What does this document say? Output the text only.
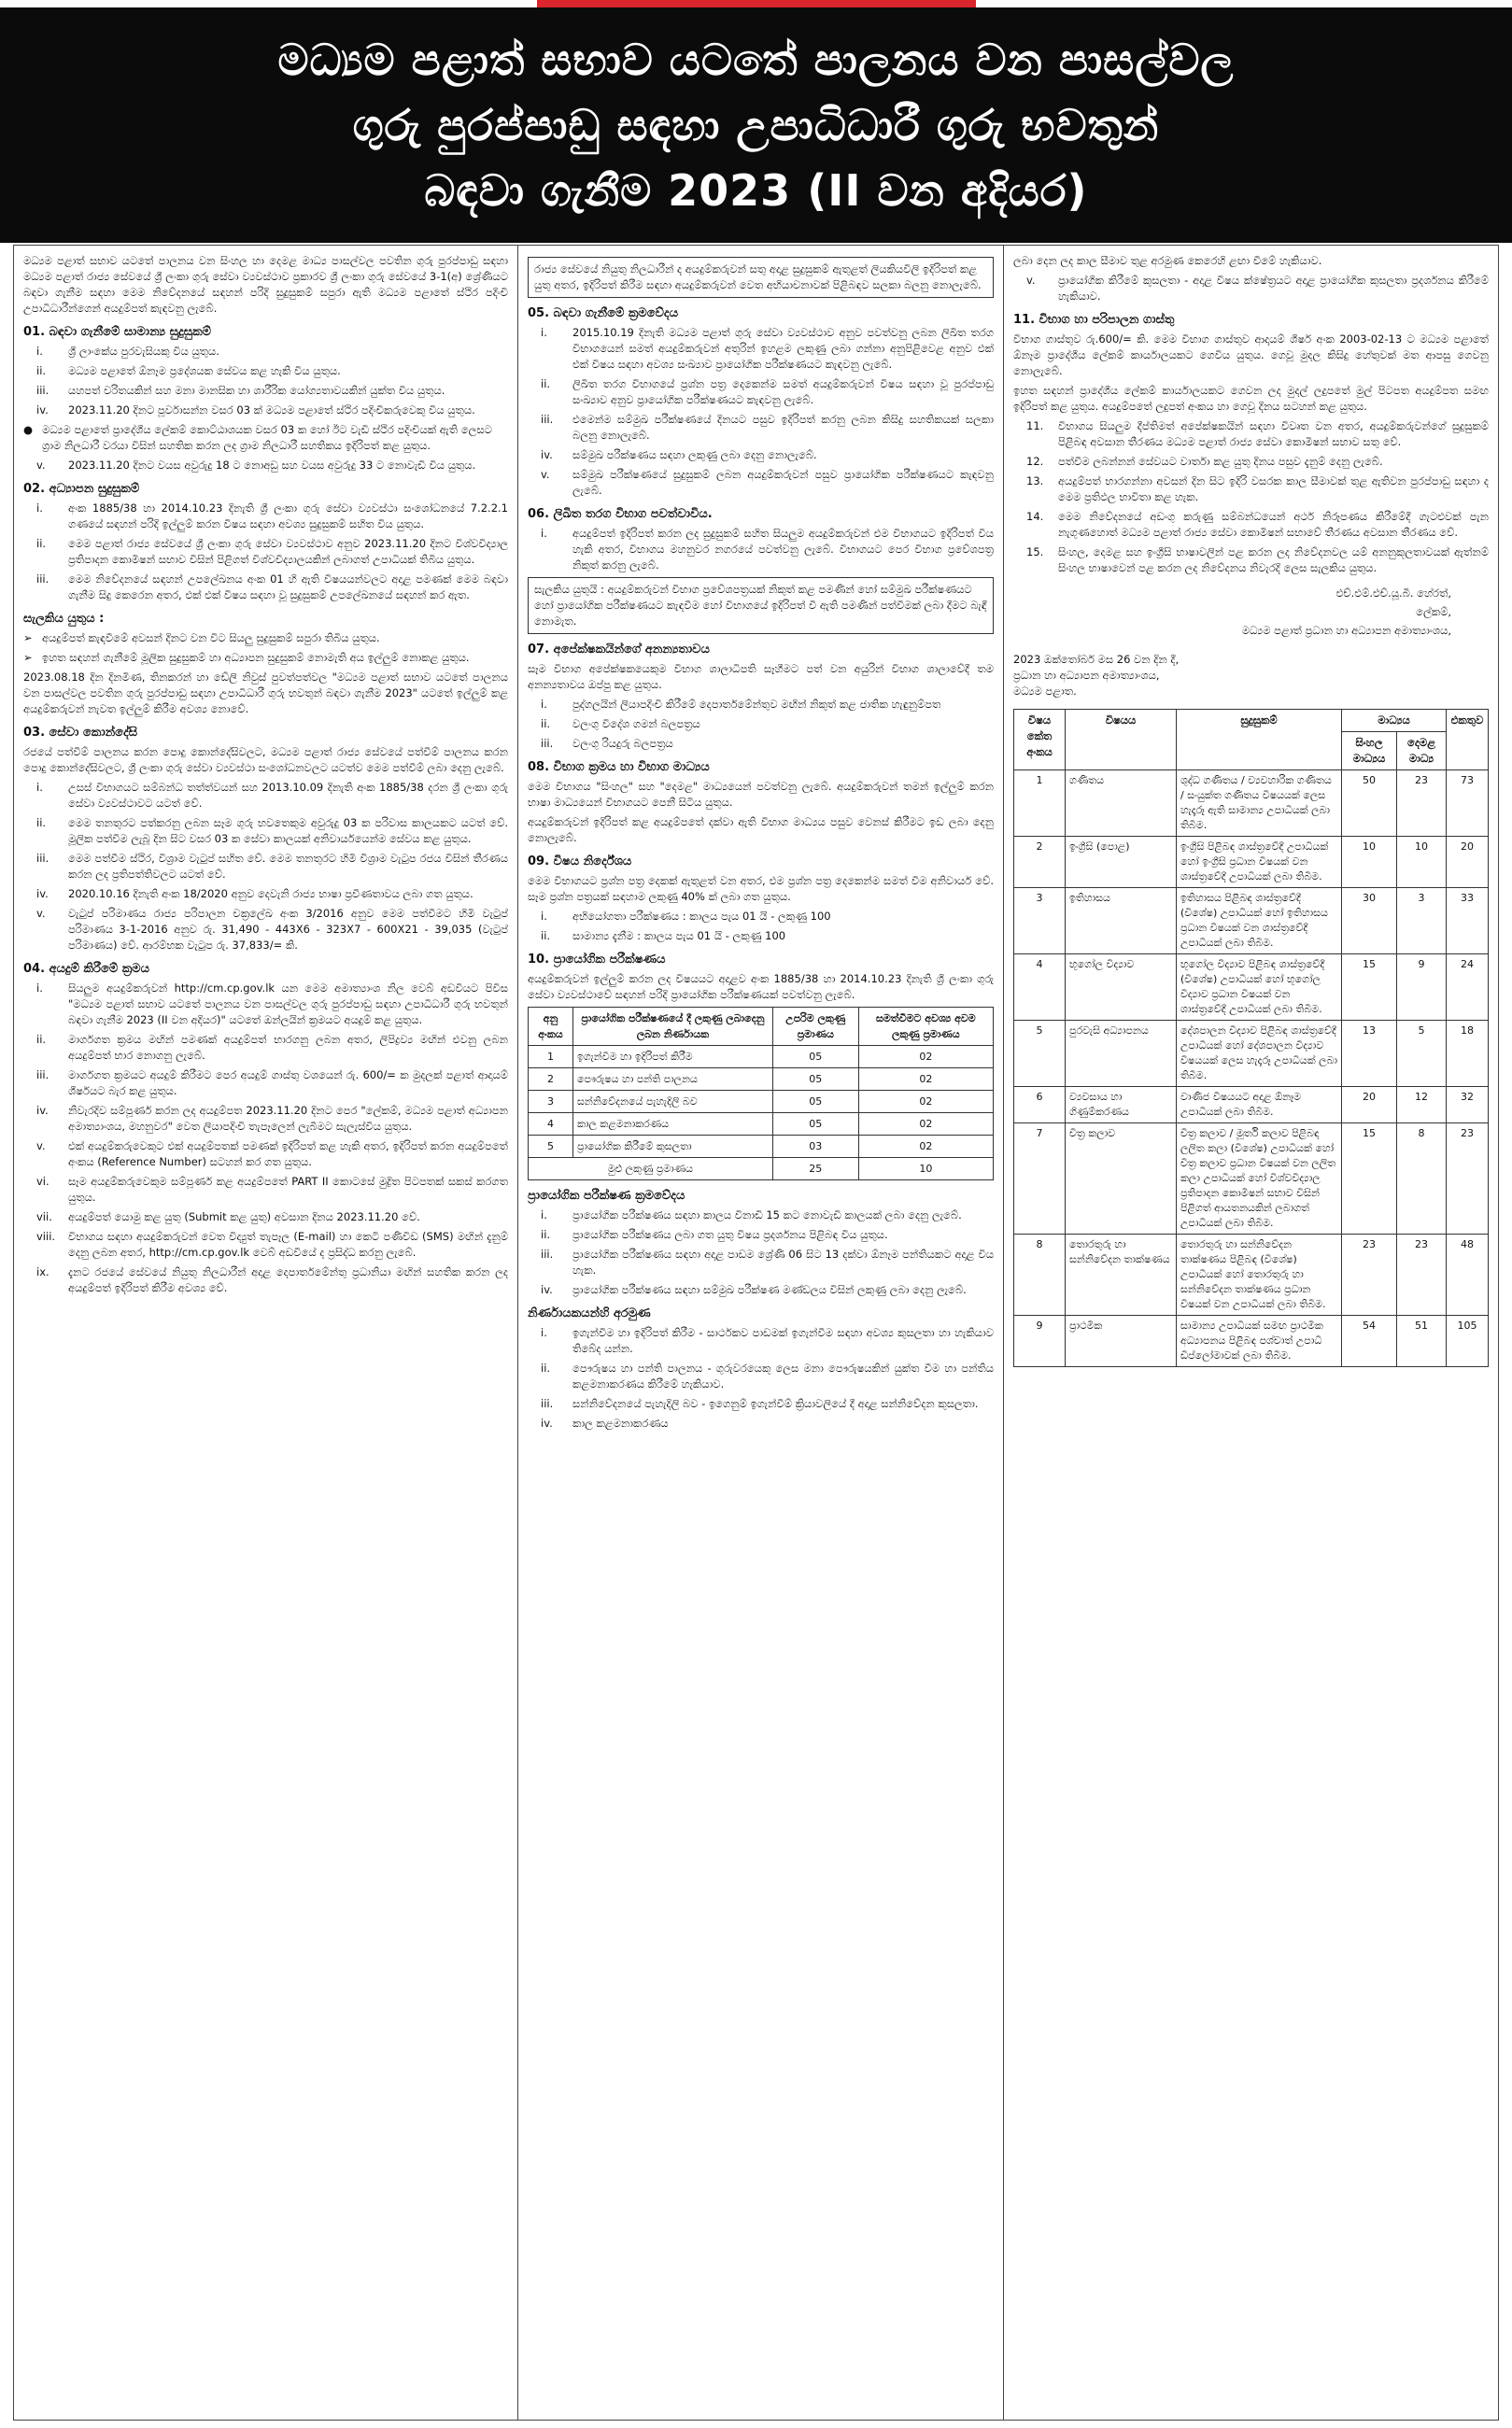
මධ්‍යම පළාත් සභාව යටතේ පාලනය වන පාසල්වල
ගුරු පුරප්පාඩු සඳහා උපාධිධාරී ගුරු භවතුන්
බඳවා ගැනීම 2023 (II වන අදියර)

මධ්‍යම පළාත් සභාව යටතේ පාලනය වන සිංහල හා දෙමළ මාධ්‍ය පාසල්වල පවතින ගුරු පුරප්පාඩු සඳහා මධ්‍යම පළාත් රාජ්‍ය සේවයේ ශ්‍රී ලංකා ගුරු සේවා ව්‍යවස්ථාව ප්‍රකාරව ශ්‍රී ලංකා ගුරු සේවයේ 3-1(අ) ශ්‍රේණියට බඳවා ගැනීම සඳහා මෙම නිවේදනයේ සඳහන් පරිදි සුදුසුකම් සපුරා ඇති මධ්‍යම පළාතේ ස්ථිර පදිංචි උපාධිධාරීන්ගෙන් අයදුම්පත් කැඳවනු ලැබේ.

01. බඳවා ගැනීමේ සාමාන්‍ය සුදුසුකම්
i.	ශ්‍රී ලාංකේය පුරවැසියකු විය යුතුය.
ii.	මධ්‍යම පළාතේ ඕනෑම ප්‍රදේශයක සේවය කළ හැකි විය යුතුය.
iii.	යහපත් චරිතයකින් සහ මනා මානසික හා ශාරීරික යෝග්‍යතාවයකින් යුක්ත විය යුතුය.
iv.	2023.11.20 දිනට පූර්වාසන්න වසර 03 ක් මධ්‍යම පළාතේ ස්ථිර පදිංචිකරුවෙකු විය යුතුය.
● මධ්‍යම පළාතේ ප්‍රාදේශීය ලේකම් කොට්ඨාශයක වසර 03 ක හෝ ඊට වැඩි ස්ථිර පදිංචියක් ඇති ලෙසට ග්‍රාම නිලධාරී වරයා විසින් සහතික කරන ලද ග්‍රාම නිලධාරී සහතිකය ඉදිරිපත් කළ යුතුය.
v.	2023.11.20 දිනට වයස අවුරුදු 18 ට නොඅඩු සහ වයස අවුරුදු 33 ට නොවැඩි විය යුතුය.
02. අධ්‍යාපන සුදුසුකම්
i.	අංක 1885/38 හා 2014.10.23 දිනැති ශ්‍රී ලංකා ගුරු සේවා ව්‍යවස්ථා සංශෝධනයේ 7.2.2.1 ගණයේ සඳහන් පරිදි ඉල්ලුම් කරන විෂය සඳහා අවශ්‍ය සුදුසුකම් සහිත විය යුතුය.
ii.	මෙම පළාත් රාජ්‍ය සේවයේ ශ්‍රී ලංකා ගුරු සේවා ව්‍යවස්ථාව අනුව 2023.11.20 දිනට විශ්වවිද්‍යාල ප්‍රතිපාදන කොමිෂන් සභාව විසින් පිළිගත් විශ්වවිද්‍යාලයකින් ලබාගත් උපාධියක් තිබිය යුතුය.
iii.	මෙම නිවේදනයේ සඳහන් උපලේඛනය අංක 01 හි ඇති විෂයයන්වලට අදාළ පමණක් මෙම බඳවා ගැනීම සිදු කෙරෙන අතර, එක් එක් විෂය සඳහා වූ සුදුසුකම් උපලේඛනයේ සඳහන් කර ඇත.
සැලකිය යුතුය :
➢ අයදුම්පත් කැඳවීමේ අවසන් දිනට වන විට සියලු සුදුසුකම් සපුරා තිබිය යුතුය.
➢ ඉහත සඳහන් ගැනීමේ මූලික සුදුසුකම් හා අධ්‍යාපන සුදුසුකම් නොමැති අය ඉල්ලුම් නොකළ යුතුය.

2023.08.18 දින දිනමිණ, තිනකරන් හා ඩේලි නිවුස් පුවත්පත්වල "මධ්‍යම පළාත් සභාව යටතේ පාලනය වන පාසල්වල පවතින ගුරු පුරප්පාඩු සඳහා උපාධිධාරී ගුරු භවතුන් බඳවා ගැනීම 2023" යටතේ ඉල්ලුම් කළ අයදුම්කරුවන් නැවත ඉල්ලුම් කිරීම අවශ්‍ය නොවේ.

03. සේවා කොන්දේසි

රජයේ පත්වීම් පාලනය කරන පොදු කොන්දේසිවලට, මධ්‍යම පළාත් රාජ්‍ය සේවයේ පත්වීම් පාලනය කරන පොදු කොන්දේසිවලට, ශ්‍රී ලංකා ගුරු සේවා ව්‍යවස්ථා සංශෝධනවලට යටත්ව මෙම පත්වීම් ලබා දෙනු ලැබේ.

i.	උසස් විභාගයට සම්බන්ධ තත්ත්වයන් සහ 2013.10.09 දිනැති අංක 1885/38 දරන ශ්‍රී ලංකා ගුරු සේවා ව්‍යවස්ථාවට යටත් වේ.
ii.	මෙම තනතුරට පත්කරනු ලබන සෑම ගුරු භවතෙකුම අවුරුදු 03 ක පරිවාස කාලයකට යටත් වේ. මූලික පත්වීම ලැබූ දින සිට වසර 03 ක සේවා කාලයක් අනිවාර්යයෙන්ම සේවය කළ යුතුය.
iii.	මෙම පත්වීම ස්ථිර, විශ්‍රාම වැටුප් සහිත වේ. මෙම තනතුරට හිමි විශ්‍රාම වැටුප රජය විසින් තීරණය කරන ලද ප්‍රතිපත්තිවලට යටත් වේ.
iv.	2020.10.16 දිනැති අංක 18/2020 අනුව දෙවැනි රාජ්‍ය භාෂා ප්‍රවීණතාවය ලබා ගත යුතුය.
v.	වැටුප් පරිමාණය රාජ්‍ය පරිපාලන චක්‍රලේඛ අංක 3/2016 අනුව මෙම පත්වීමට හිමි වැටුප් පරිමාණය 3-1-2016 අනුව රු. 31,490 - 443X6 - 323X7 - 600X21 - 39,035 (වැටුප් පරිමාණය) වේ. ආරම්භක වැටුප රු. 37,833/= කි.
04. අයදුම් කිරීමේ ක්‍රමය
i.	සියලුම අයදුම්කරුවන් http://cm.cp.gov.lk යන මෙම අමාත්‍යාංශ නිල වෙබ් අඩවියට පිවිස "මධ්‍යම පළාත් සභාව යටතේ පාලනය වන පාසල්වල ගුරු පුරප්පාඩු සඳහා උපාධිධාරී ගුරු භවතුන් බඳවා ගැනීම 2023 (II වන අදියර)" යටතේ ඔන්ලයින් ක්‍රමයට අයදුම් කළ යුතුය.
ii.	මාර්ගගත ක්‍රමය මඟින් පමණක් අයදුම්පත් භාරගනු ලබන අතර, ලිපිද්‍රව්‍ය මඟින් එවනු ලබන අයදුම්පත් භාර නොගනු ලැබේ.
iii.	මාර්ගගත ක්‍රමයට අයදුම් කිරීමට පෙර අයදුම් ගාස්තු වශයෙන් රු. 600/= ක මුදලක් පළාත් ආදායම් ශීර්ෂයට බැර කළ යුතුය.
iv.	නිවැරදිව සම්පූර්ණ කරන ලද අයදුම්පත 2023.11.20 දිනට පෙර "ලේකම්, මධ්‍යම පළාත් අධ්‍යාපන අමාත්‍යාංශය, මහනුවර" වෙත ලියාපදිංචි තැපෑලෙන් ලැබීමට සැලැස්විය යුතුය.
v.	එක් අයදුම්කරුවෙකුට එක් අයදුම්පතක් පමණක් ඉදිරිපත් කළ හැකි අතර, ඉදිරිපත් කරන අයදුම්පතේ අංකය (Reference Number) සටහන් කර ගත යුතුය.
vi.	සෑම අයදුම්කරුවෙකුම සම්පූර්ණ කළ අයදුම්පතේ PART II කොටසේ මුද්‍රිත පිටපතක් සකස් කරගත යුතුය.
vii.	අයදුම්පත් යොමු කළ යුතු (Submit කළ යුතු) අවසාන දිනය 2023.11.20 වේ.
viii.	විභාගය සඳහා අයදුම්කරුවන් වෙත විද්‍යුත් තැපෑල (E-mail) හා කෙටි පණිවිඩ (SMS) මඟින් දැනුම් දෙනු ලබන අතර, http://cm.cp.gov.lk වෙබ් අඩවියේ ද ප්‍රසිද්ධ කරනු ලැබේ.
ix.	දැනට රජයේ සේවයේ නියුතු නිලධාරීන් අදාළ දෙපාර්තමේන්තු ප්‍රධානියා මඟින් සහතික කරන ලද අයදුම්පත් ඉදිරිපත් කිරීම අවශ්‍ය වේ.
රාජ්‍ය සේවයේ නියුතු නිලධාරීන් ද අයදුම්කරුවන් සතු අදාළ සුදුසුකම් ඇතුළත් ලියකියවිලි ඉදිරිපත් කළ යුතු අතර, ඉදිරිපත් කිරීම සඳහා අයදුම්කරුවන් වෙත අභියාචනාවක් පිළිබඳව සලකා බලනු නොලැබේ.
05. බඳවා ගැනීමේ ක්‍රමවේදය
i.	2015.10.19 දිනැති මධ්‍යම පළාත් ගුරු සේවා ව්‍යවස්ථාව අනුව පවත්වනු ලබන ලිඛිත තරග විභාගයෙන් සමත් අයදුම්කරුවන් අතුරින් ඉහළම ලකුණු ලබා ගන්නා අනුපිළිවෙළ අනුව එක් එක් විෂය සඳහා අවශ්‍ය සංඛ්‍යාව ප්‍රායෝගික පරීක්ෂණයට කැඳවනු ලැබේ.
ii.	ලිඛිත තරග විභාගයේ ප්‍රශ්න පත්‍ර දෙකෙන්ම සමත් අයදුම්කරුවන් විෂය සඳහා වූ පුරප්පාඩු සංඛ්‍යාව අනුව ප්‍රායෝගික පරීක්ෂණයට කැඳවනු ලැබේ.
iii.	එමෙන්ම සම්මුඛ පරීක්ෂණයේ දිනයට පසුව ඉදිරිපත් කරනු ලබන කිසිදු සහතිකයක් සලකා බලනු නොලැබේ.
iv.	සම්මුඛ පරීක්ෂණය සඳහා ලකුණු ලබා දෙනු නොලැබේ.
v.	සම්මුඛ පරීක්ෂණයේ සුදුසුකම් ලබන අයදුම්කරුවන් පසුව ප්‍රායෝගික පරීක්ෂණයට කැඳවනු ලැබේ.
06. ලිඛිත තරග විභාග පවත්වාවිය.
i.	අයදුම්පත් ඉදිරිපත් කරන ලද සුදුසුකම් සහිත සියලුම අයදුම්කරුවන් එම විභාගයට ඉදිරිපත් විය හැකි අතර, විභාගය මහනුවර නගරයේ පවත්වනු ලැබේ. විභාගයට පෙර විභාග ප්‍රවේශපත්‍ර නිකුත් කරනු ලැබේ.
සැලකිය යුතුයි : අයදුම්කරුවන් විභාග ප්‍රවේශපත්‍රයක් නිකුත් කළ පමණින් හෝ සම්මුඛ පරීක්ෂණයට හෝ ප්‍රායෝගික පරීක්ෂණයට කැඳවීම හෝ විභාගයේ ඉදිරිපත් වී ඇති පමණින් පත්වීමක් ලබා දීමට බැඳී නොමැත.
07. අපේක්ෂකයින්ගේ අනන්‍යතාවය

සෑම විභාග අපේක්ෂකයෙකුම විභාග ශාලාධිපති සෑහීමට පත් වන අයුරින් විභාග ශාලාවේදී තම අනන්‍යතාවය ඔප්පු කළ යුතුය.

i.	පුද්ගලයින් ලියාපදිංචි කිරීමේ දෙපාර්තමේන්තුව මඟින් නිකුත් කළ ජාතික හැඳුනුම්පත
ii.	වලංගු විදේශ ගමන් බලපත්‍රය
iii.	වලංගු රියදුරු බලපත්‍රය
08. විභාග ක්‍රමය හා විභාග මාධ්‍යය

මෙම විභාගය "සිංහල" සහ "දෙමළ" මාධ්‍යයෙන් පවත්වනු ලැබේ. අයදුම්කරුවන් තමන් ඉල්ලුම් කරන භාෂා මාධ්‍යයෙන් විභාගයට පෙනී සිටිය යුතුය.

අයදුම්කරුවන් ඉදිරිපත් කළ අයදුම්පතේ දක්වා ඇති විභාග මාධ්‍යය පසුව වෙනස් කිරීමට ඉඩ ලබා දෙනු නොලැබේ.

09. විෂය නිර්දේශය

මෙම විභාගයට ප්‍රශ්න පත්‍ර දෙකක් ඇතුළත් වන අතර, එම ප්‍රශ්න පත්‍ර දෙකෙන්ම සමත් වීම අනිවාර්ය වේ. සෑම ප්‍රශ්න පත්‍රයක් සඳහාම ලකුණු 40% ක් ලබා ගත යුතුය.

i.	අභියෝගතා පරීක්ෂණය : කාලය පැය 01 යි - ලකුණු 100
ii.	සාමාන්‍ය දැනීම : කාලය පැය 01 යි - ලකුණු 100
10. ප්‍රායෝගික පරීක්ෂණය

අයදුම්කරුවන් ඉල්ලුම් කරන ලද විෂයයට අදාළව අංක 1885/38 හා 2014.10.23 දිනැති ශ්‍රී ලංකා ගුරු සේවා ව්‍යවස්ථාවේ සඳහන් පරිදි ප්‍රායෝගික පරීක්ෂණයක් පවත්වනු ලැබේ.

අනු අංකය	ප්‍රායෝගික පරීක්ෂණයේ දී ලකුණු ලබාදෙනු ලබන නිර්ණායක	උපරිම ලකුණු ප්‍රමාණය	සමත්වීමට අවශ්‍ය අවම ලකුණු ප්‍රමාණය
1	ඉගැන්වීම හා ඉදිරිපත් කිරීම	05	02
2	පෞරුෂය හා පන්ති පාලනය	05	02
3	සන්නිවේදනයේ පැහැදිලි බව	05	02
4	කාල කළමනාකරණය	05	02
5	ප්‍රායෝගික කිරීමේ කුසලතා	03	02
මුළු ලකුණු ප්‍රමාණය		25	10
ප්‍රායෝගික පරීක්ෂණ ක්‍රමවේදය
i.	ප්‍රායෝගික පරීක්ෂණය සඳහා කාලය විනාඩි 15 කට නොවැඩි කාලයක් ලබා දෙනු ලැබේ.
ii.	ප්‍රායෝගික පරීක්ෂණය ලබා ගත යුතු විෂය ප්‍රදර්ශනය පිළිබඳ විය යුතුය.
iii.	ප්‍රායෝගික පරීක්ෂණය සඳහා අදාළ පාඩම ශ්‍රේණි 06 සිට 13 දක්වා ඕනෑම පන්තියකට අදාළ විය හැක.
iv.	ප්‍රායෝගික පරීක්ෂණය සඳහා සම්මුඛ පරීක්ෂණ මණ්ඩලය විසින් ලකුණු ලබා දෙනු ලැබේ.
නිර්ණායකයන්හි අරමුණ
i.	ඉගැන්වීම හා ඉදිරිපත් කිරීම - සාර්ථකව පාඩමක් ඉගැන්වීම සඳහා අවශ්‍ය කුසලතා හා හැකියාව තිබේද යන්න.
ii.	පෞරුෂය හා පන්ති පාලනය - ගුරුවරයෙකු ලෙස මනා පෞරුෂයකින් යුක්ත වීම හා පන්තිය කළමනාකරණය කිරීමේ හැකියාව.
iii.	සන්නිවේදනයේ පැහැදිලි බව - ඉගෙනුම් ඉගැන්වීම් ක්‍රියාවලියේ දී අදාළ සන්නිවේදන කුසලතා.
iv.	කාල කළමනාකරණය

ලබා දෙන ලද කාල සීමාව තුළ අරමුණ කෙරෙහි ළඟා වීමේ හැකියාව.

v.	ප්‍රායෝගික කිරීමේ කුසලතා - අදාළ විෂය ක්ෂේත්‍රයට අදාළ ප්‍රායෝගික කුසලතා ප්‍රදර්ශනය කිරීමේ හැකියාව.
11. විභාග හා පරිපාලන ගාස්තු

විභාග ගාස්තුව රු.600/= කි. මෙම විභාග ගාස්තුව ආදායම් ශීර්ෂ අංක 2003-02-13 ට මධ්‍යම පළාතේ ඕනෑම ප්‍රාදේශීය ලේකම් කාර්යාලයකට ගෙවිය යුතුය. ගෙවූ මුදල කිසිදු හේතුවක් මත ආපසු ගෙවනු නොලැබේ.

ඉහත සඳහන් ප්‍රාදේශීය ලේකම් කාර්යාලයකට ගෙවන ලද මුදල් ලදුපතේ මුල් පිටපත අයදුම්පත සමඟ ඉදිරිපත් කළ යුතුය. අයදුම්පතේ ලදුපත් අංකය හා ගෙවූ දිනය සටහන් කළ යුතුය.

11.	විභාගය සියලුම දීප්තිමත් අපේක්ෂකයින් සඳහා විවෘත වන අතර, අයදුම්කරුවන්ගේ සුදුසුකම් පිළිබඳ අවසාන තීරණය මධ්‍යම පළාත් රාජ්‍ය සේවා කොමිෂන් සභාව සතු වේ.
12.	පත්වීම ලබන්නන් සේවයට වාර්තා කළ යුතු දිනය පසුව දැනුම් දෙනු ලැබේ.
13.	අයදුම්පත් භාරගන්නා අවසන් දින සිට ඉදිරි වසරක කාල සීමාවක් තුළ ඇතිවන පුරප්පාඩු සඳහා ද මෙම ප්‍රතිඵල භාවිතා කළ හැක.
14.	මෙම නිවේදනයේ අඩංගු කරුණු සම්බන්ධයෙන් අර්ථ නිරූපණය කිරීමේදී ගැටළුවක් පැන නැගුණහොත් මධ්‍යම පළාත් රාජ්‍ය සේවා කොමිෂන් සභාවේ තීරණය අවසාන තීරණය වේ.
15.	සිංහල, දෙමළ සහ ඉංග්‍රීසි භාෂාවලින් පළ කරන ලද නිවේදනවල යම් අනනුකූලතාවයක් ඇත්නම් සිංහල භාෂාවෙන් පළ කරන ලද නිවේදනය නිවැරදි ලෙස සැලකිය යුතුය.
එච්.එම්.එච්.යූ.බී. හේරත්,
ලේකම්,
මධ්‍යම පළාත් ප්‍රධාන හා අධ්‍යාපන අමාත්‍යාංශය,
2023 ඔක්තෝබර් මස 26 වන දින දී,
ප්‍රධාන හා අධ්‍යාපන අමාත්‍යාංශය,
මධ්‍යම පළාත.
විෂය කේත අංකය	විෂයය	සුදුසුකම්	මාධ්‍යය		එකතුව
			සිංහල මාධ්‍යය	දෙමළ මාධ්‍ය	
1	ගණිතය	ශුද්ධ ගණිතය / ව්‍යවහාරික ගණිතය / සංයුක්ත ගණිතය විෂයයක් ලෙස හැදෑරූ ඇති සාමාන්‍ය උපාධියක් ලබා තිබීම.	50	23	73
2	ඉංග්‍රීසි (පොළ)	ඉංග්‍රීසි පිළිබඳ ශාස්ත්‍රවේදී උපාධියක් හෝ ඉංග්‍රීසි ප්‍රධාන විෂයක් වන ශාස්ත්‍රවේදී උපාධියක් ලබා තිබීම.	10	10	20
3	ඉතිහාසය	ඉතිහාසය පිළිබඳ ශාස්ත්‍රවේදී (විශේෂ) උපාධියක් හෝ ඉතිහාසය ප්‍රධාන විෂයක් වන ශාස්ත්‍රවේදී උපාධියක් ලබා තිබීම.	30	3	33
4	භූගෝල විද්‍යාව	භූගෝල විද්‍යාව පිළිබඳ ශාස්ත්‍රවේදී (විශේෂ) උපාධියක් හෝ භූගෝල විද්‍යාව ප්‍රධාන විෂයක් වන ශාස්ත්‍රවේදී උපාධියක් ලබා තිබීම.	15	9	24
5	පුරවැසි අධ්‍යාපනය	දේශපාලන විද්‍යාව පිළිබඳ ශාස්ත්‍රවේදී උපාධියක් හෝ දේශපාලන විද්‍යාව විෂයයක් ලෙස හැදෑරූ උපාධියක් ලබා තිබීම.	13	5	18
6	ව්‍යවසාය හා ගිණුම්කරණය	වාණිජ විෂයයට අදාළ ඕනෑම උපාධියක් ලබා තිබීම.	20	12	32
7	චිත්‍ර කලාව	චිත්‍ර කලාව / මූර්ති කලාව පිළිබඳ ලලිත කලා (විශේෂ) උපාධියක් හෝ චිත්‍ර කලාව ප්‍රධාන විෂයක් වන ලලිත කලා උපාධියක් හෝ විශ්වවිද්‍යාල ප්‍රතිපාදන කොමිෂන් සභාව විසින් පිළිගත් ආයතනයකින් ලබාගත් උපාධියක් ලබා තිබීම.	15	8	23
8	තොරතුරු හා සන්නිවේදන තාක්ෂණය	තොරතුරු හා සන්නිවේදන තාක්ෂණය පිළිබඳ (විශේෂ) උපාධියක් හෝ තොරතුරු හා සන්නිවේදන තාක්ෂණය ප්‍රධාන විෂයක් වන උපාධියක් ලබා තිබීම.	23	23	48
9	ප්‍රාථමික	සාමාන්‍ය උපාධියක් සමඟ ප්‍රාථමික අධ්‍යාපනය පිළිබඳ පශ්චාත් උපාධි ඩිප්ලෝමාවක් ලබා තිබීම.	54	51	105
